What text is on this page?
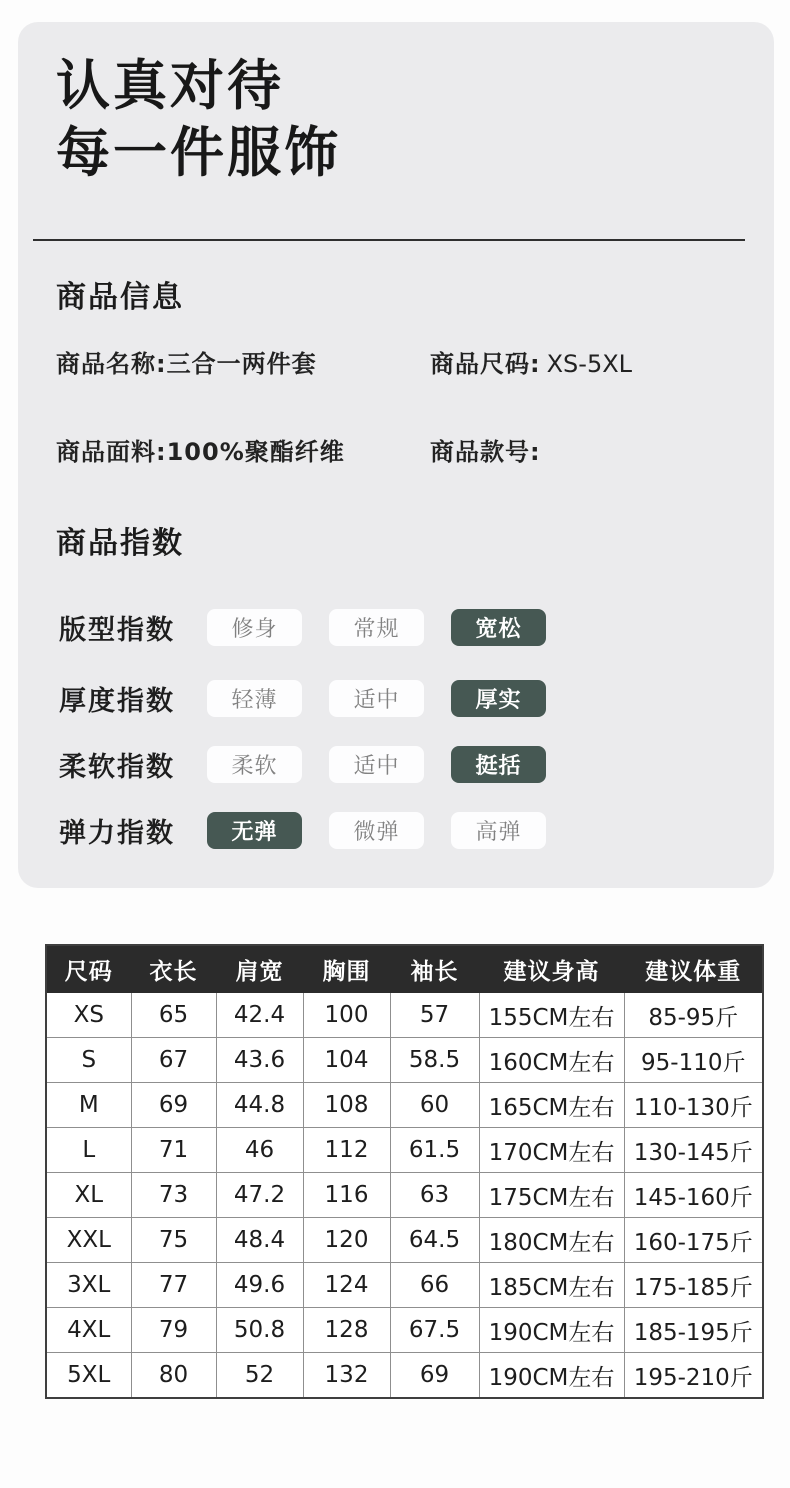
认真对待
每一件服饰
商品信息
商品名称:三合一两件套	商品尺码: XS-5XL
商品面料:100%聚酯纤维	商品款号:
商品指数
版型指数	修身	常规	宽松
厚度指数	轻薄	适中	厚实
柔软指数	柔软	适中	挺括
弹力指数	无弹	微弹	高弹
尺码	衣长	肩宽	胸围	袖长	建议身高	建议体重
XS	65	42.4	100	57	155CM左右	85-95斤
S	67	43.6	104	58.5	160CM左右	95-110斤
M	69	44.8	108	60	165CM左右	110-130斤
L	71	46	112	61.5	170CM左右	130-145斤
XL	73	47.2	116	63	175CM左右	145-160斤
XXL	75	48.4	120	64.5	180CM左右	160-175斤
3XL	77	49.6	124	66	185CM左右	175-185斤
4XL	79	50.8	128	67.5	190CM左右	185-195斤
5XL	80	52	132	69	190CM左右	195-210斤
